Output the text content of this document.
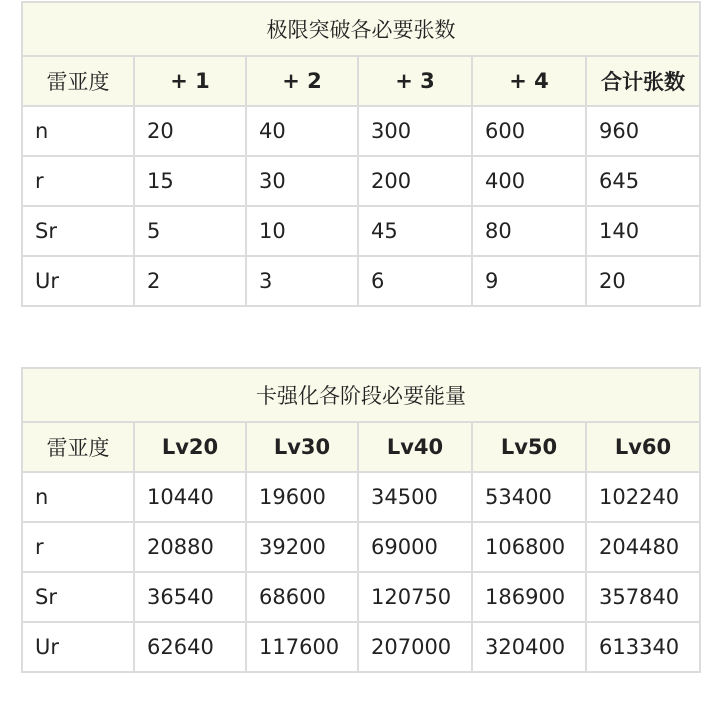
极限突破各必要张数					
雷亚度	+ 1	+ 2	+ 3	+ 4	合计张数
n	20	40	300	600	960
r	15	30	200	400	645
Sr	5	10	45	80	140
Ur	2	3	6	9	20
卡强化各阶段必要能量					
雷亚度	Lv20	Lv30	Lv40	Lv50	Lv60
n	10440	19600	34500	53400	102240
r	20880	39200	69000	106800	204480
Sr	36540	68600	120750	186900	357840
Ur	62640	117600	207000	320400	613340
